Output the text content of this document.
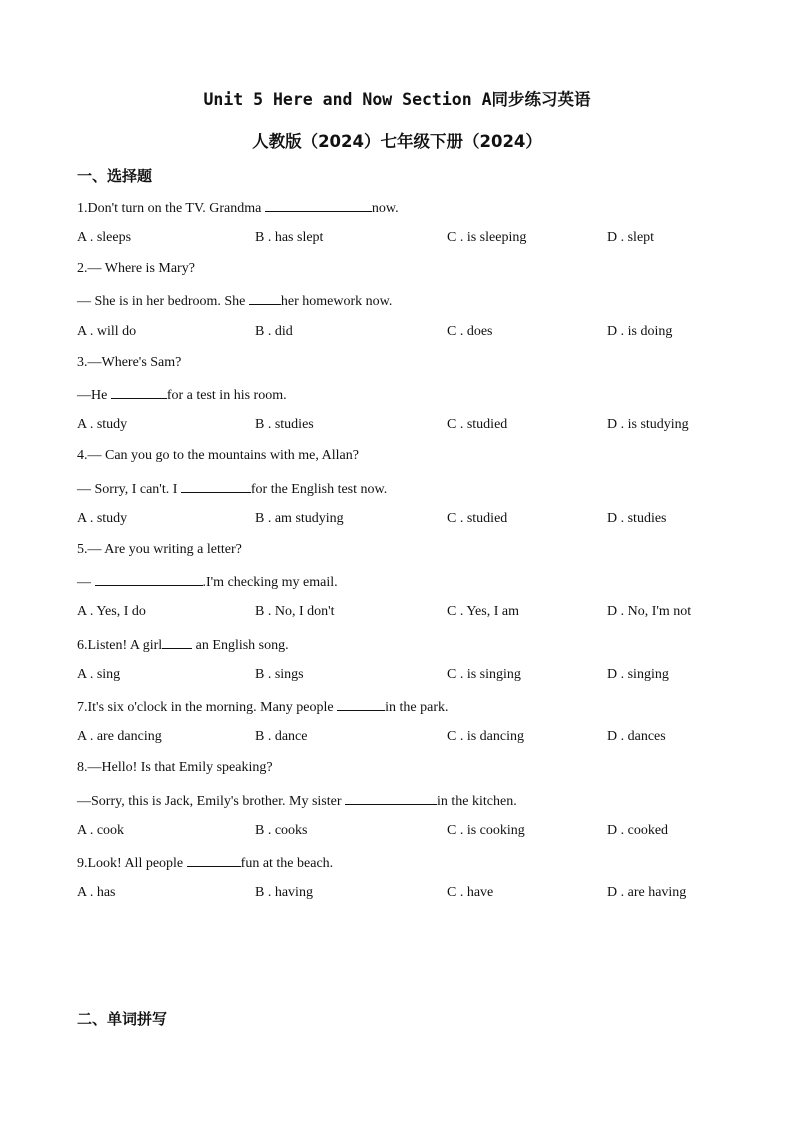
Unit 5 Here and Now Section A同步练习英语
人教版（2024）七年级下册（2024）
一、选择题
1.Don't turn on the TV. Grandma	now.
A . sleeps	B . has slept	C . is sleeping	D . slept
2.— Where is Mary?
— She is in her bedroom. She her homework now.
A . will do	B . did	C . does	D . is doing
3.—Where's Sam?
—He	for a test in his room.
A . study	B . studies	C . studied	D . is studying
4.— Can you go to the mountains with me, Allan?
— Sorry, I can't. I	for the English test now.
A . study	B . am studying	C . studied	D . studies
5.— Are you writing a letter?
—	.I'm checking my email.
A . Yes, I do	B . No, I don't	C . Yes, I am	D . No, I'm not
6.Listen! A girl an English song.
A . sing	B . sings	C . is singing	D . singing
7.It's six o'clock in the morning. Many people	in the park.
A . are dancing	B . dance	C . is dancing	D . dances
8.—Hello! Is that Emily speaking?
—Sorry, this is Jack, Emily's brother. My sister	in the kitchen.
A . cook	B . cooks	C . is cooking	D . cooked
9.Look! All people	fun at the beach.
A . has	B . having	C . have	D . are having
二、单词拼写
